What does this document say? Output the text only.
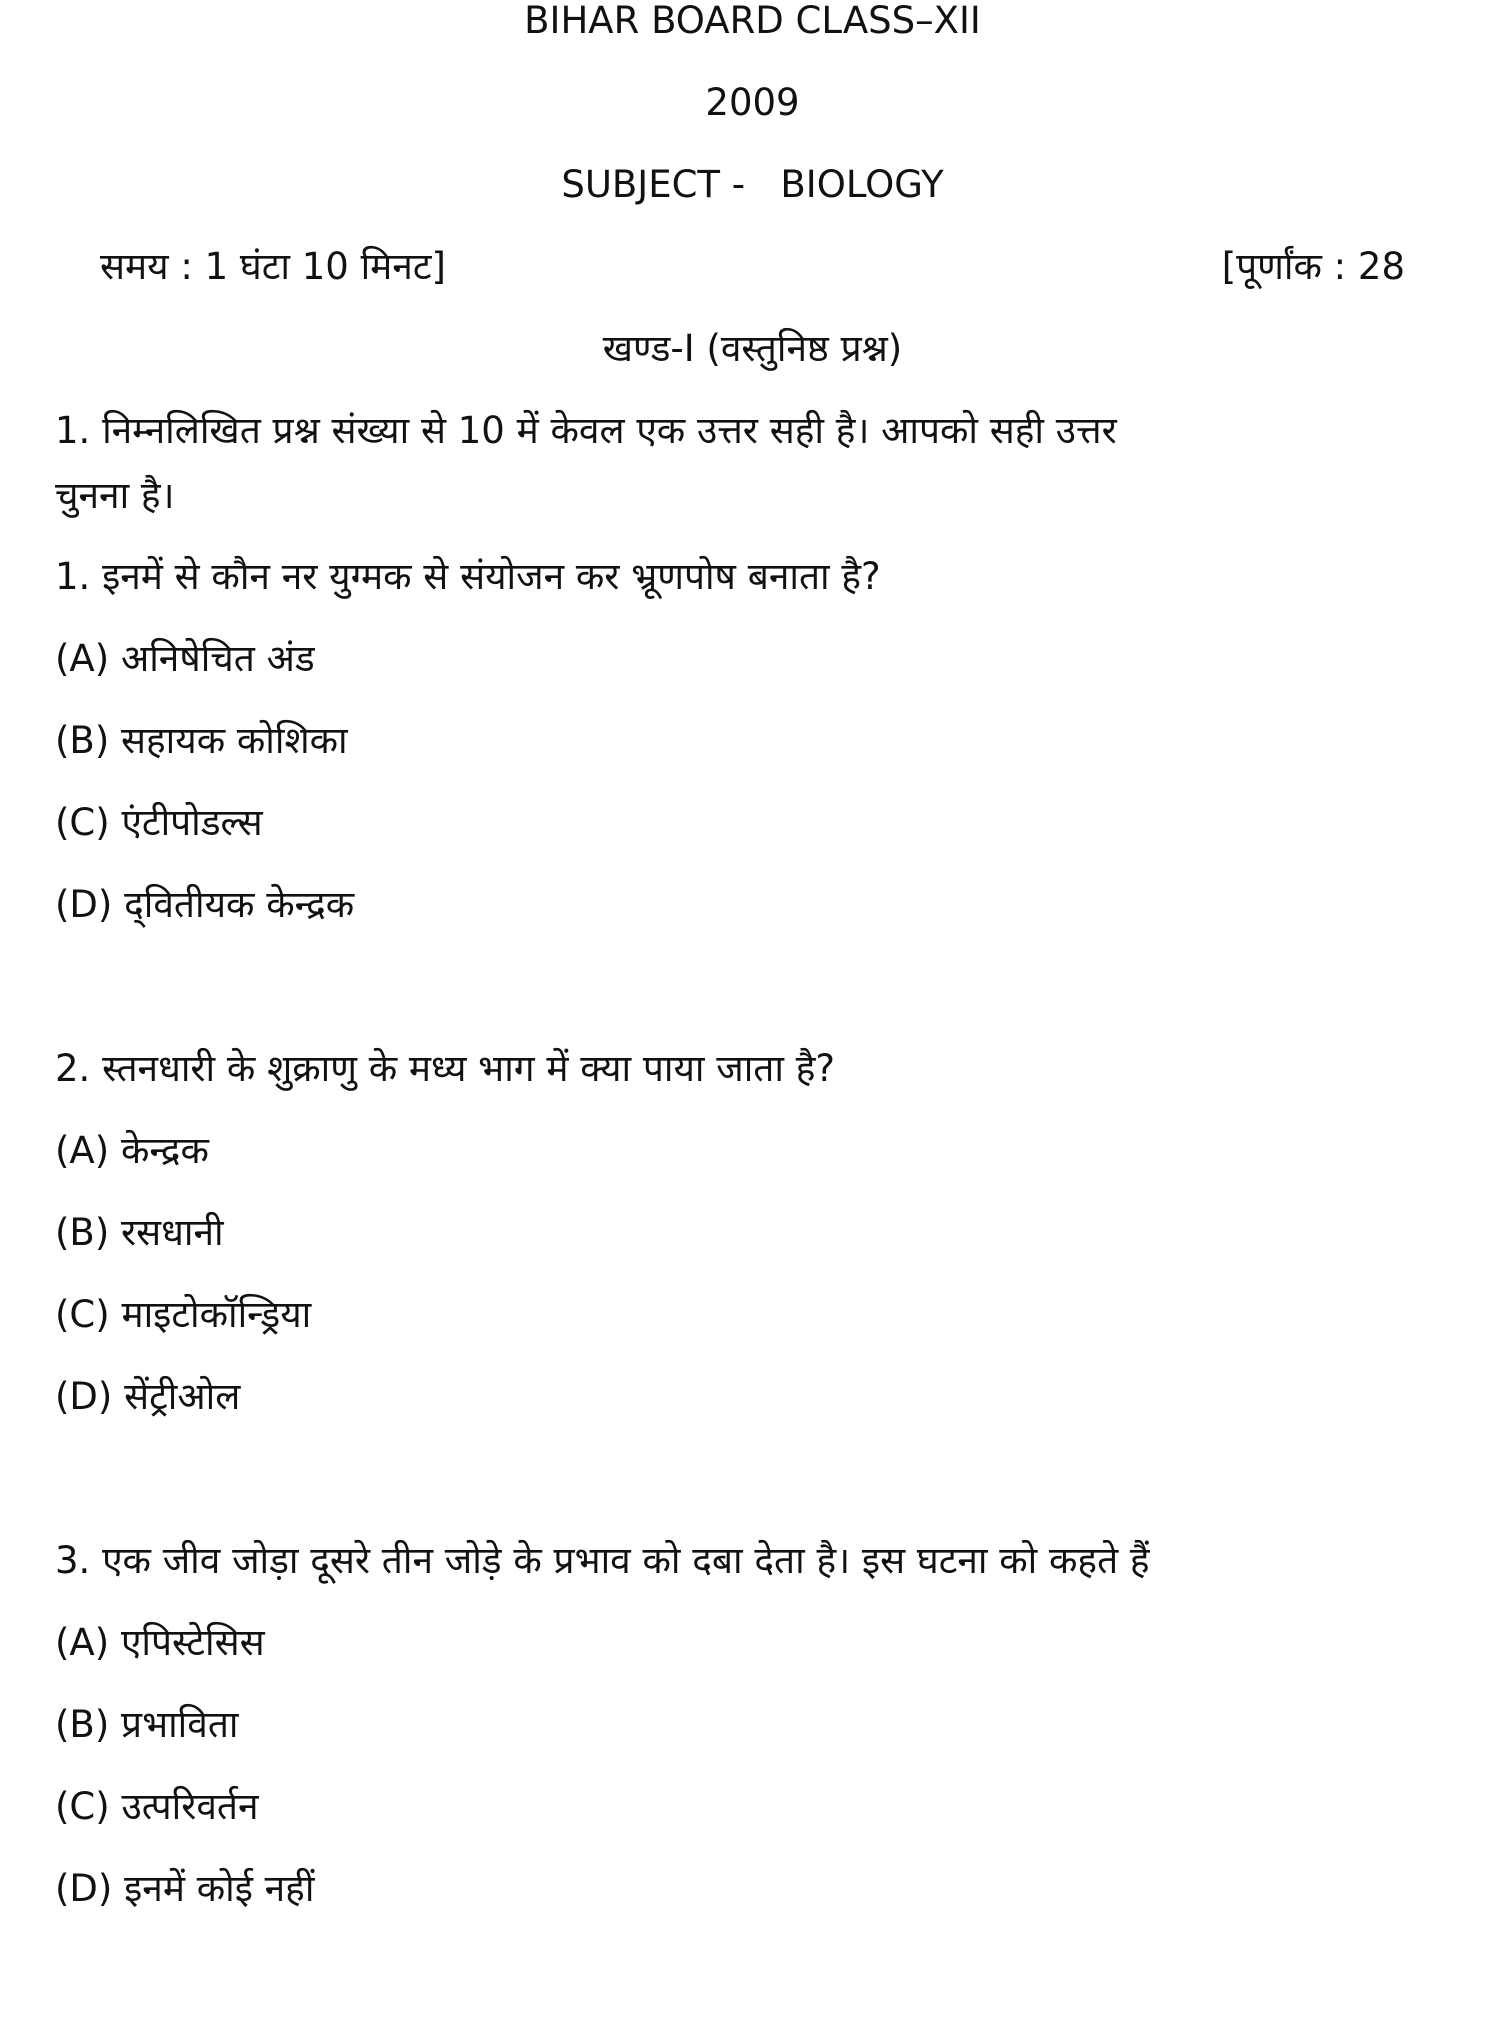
BIHAR BOARD CLASS–XII
2009
SUBJECT -   BIOLOGY
समय : 1 घंटा 10 मिनट]	[पूर्णांक : 28
खण्ड-I (वस्तुनिष्ठ प्रश्न)
1. निम्नलिखित प्रश्न संख्या से 10 में केवल एक उत्तर सही है। आपको सही उत्तर
चुनना है।
1. इनमें से कौन नर युग्मक से संयोजन कर भ्रूणपोष बनाता है?
(A) अनिषेचित अंड
(B) सहायक कोशिका
(C) एंटीपोडल्स
(D) द्‌वितीयक केन्द्रक
2. स्तनधारी के शुक्राणु के मध्य भाग में क्या पाया जाता है?
(A) केन्द्रक
(B) रसधानी
(C) माइटोकॉन्ड्रिया
(D) सेंट्रीओल
3. एक जीव जोड़ा दूसरे तीन जोड़े के प्रभाव को दबा देता है। इस घटना को कहते हैं
(A) एपिस्टेसिस
(B) प्रभाविता
(C) उत्परिवर्तन
(D) इनमें कोई नहीं
